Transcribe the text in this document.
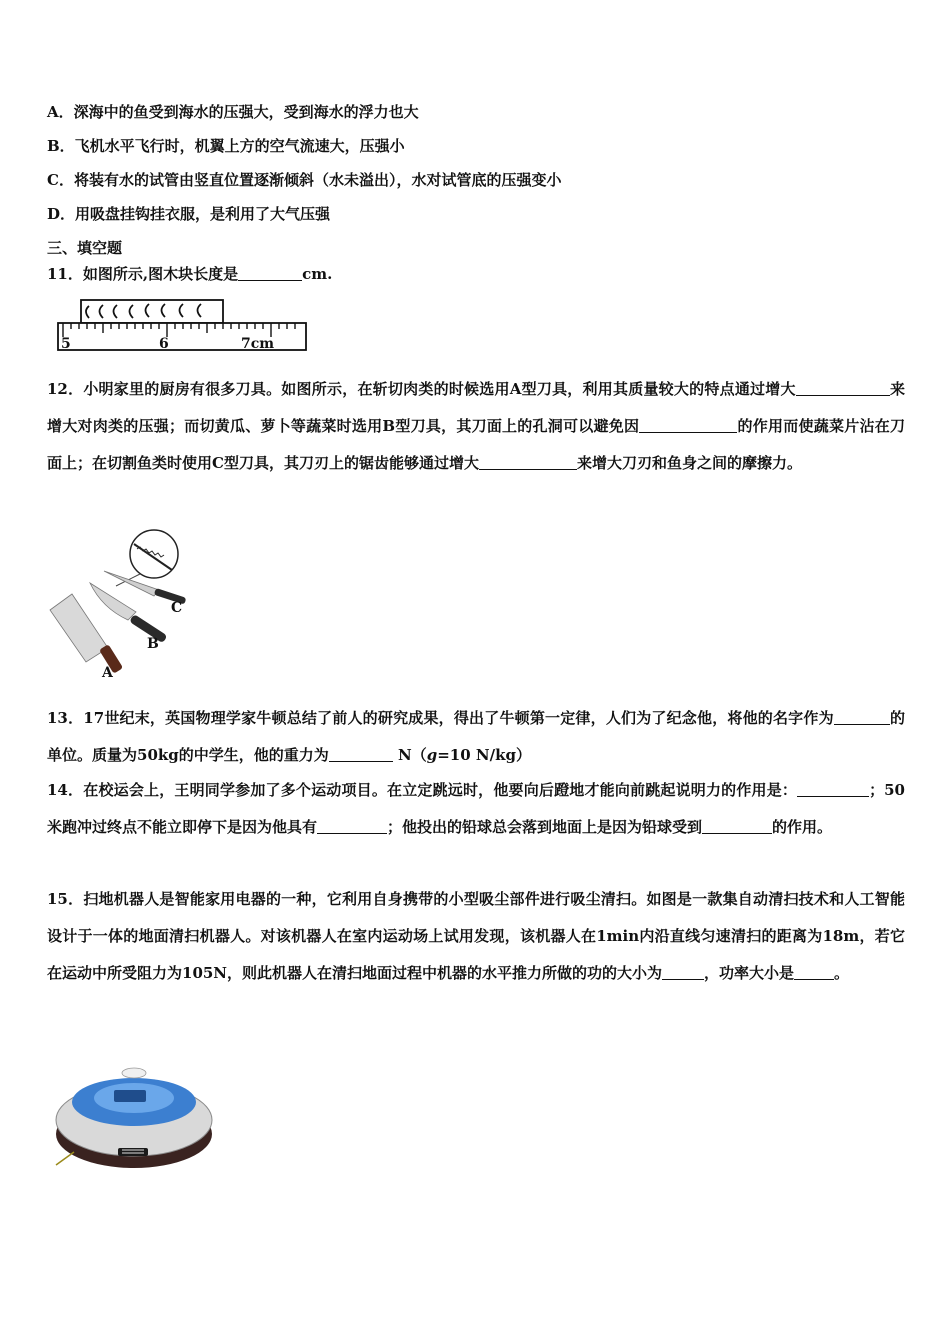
A．深海中的鱼受到海水的压强大，受到海水的浮力也大
B．飞机水平飞行时，机翼上方的空气流速大，压强小
C．将装有水的试管由竖直位置逐渐倾斜（水未溢出），水对试管底的压强变小
D．用吸盘挂钩挂衣服，是利用了大气压强
三、填空题
11．如图所示,图木块长度是	cm.
5	6	7cm
12．小明家里的厨房有很多刀具。如图所示，在斩切肉类的时候选用A型刀具，利用其质量较大的特点通过增大	来增大对肉类的压强；而切黄瓜、萝卜等蔬菜时选用B型刀具，其刀面上的孔洞可以避免因	的作用而使蔬菜片沾在刀面上；在切割鱼类时使用C型刀具，其刀刃上的锯齿能够通过增大	来增大刀刃和鱼身之间的摩擦力。
C
B
A
13．17世纪末，英国物理学家牛顿总结了前人的研究成果，得出了牛顿第一定律，人们为了纪念他，将他的名字作为	的单位。质量为50kg的中学生，他的重力为	N（g=10 N/kg）
14．在校运会上，王明同学参加了多个运动项目。在立定跳远时，他要向后蹬地才能向前跳起说明力的作用是：	；50米跑冲过终点不能立即停下是因为他具有	；他投出的铅球总会落到地面上是因为铅球受到	的作用。
15．扫地机器人是智能家用电器的一种，它利用自身携带的小型吸尘部件进行吸尘清扫。如图是一款集自动清扫技术和人工智能设计于一体的地面清扫机器人。对该机器人在室内运动场上试用发现，该机器人在1min内沿直线匀速清扫的距离为18m，若它在运动中所受阻力为105N，则此机器人在清扫地面过程中机器的水平推力所做的功的大小为	，功率大小是	。
